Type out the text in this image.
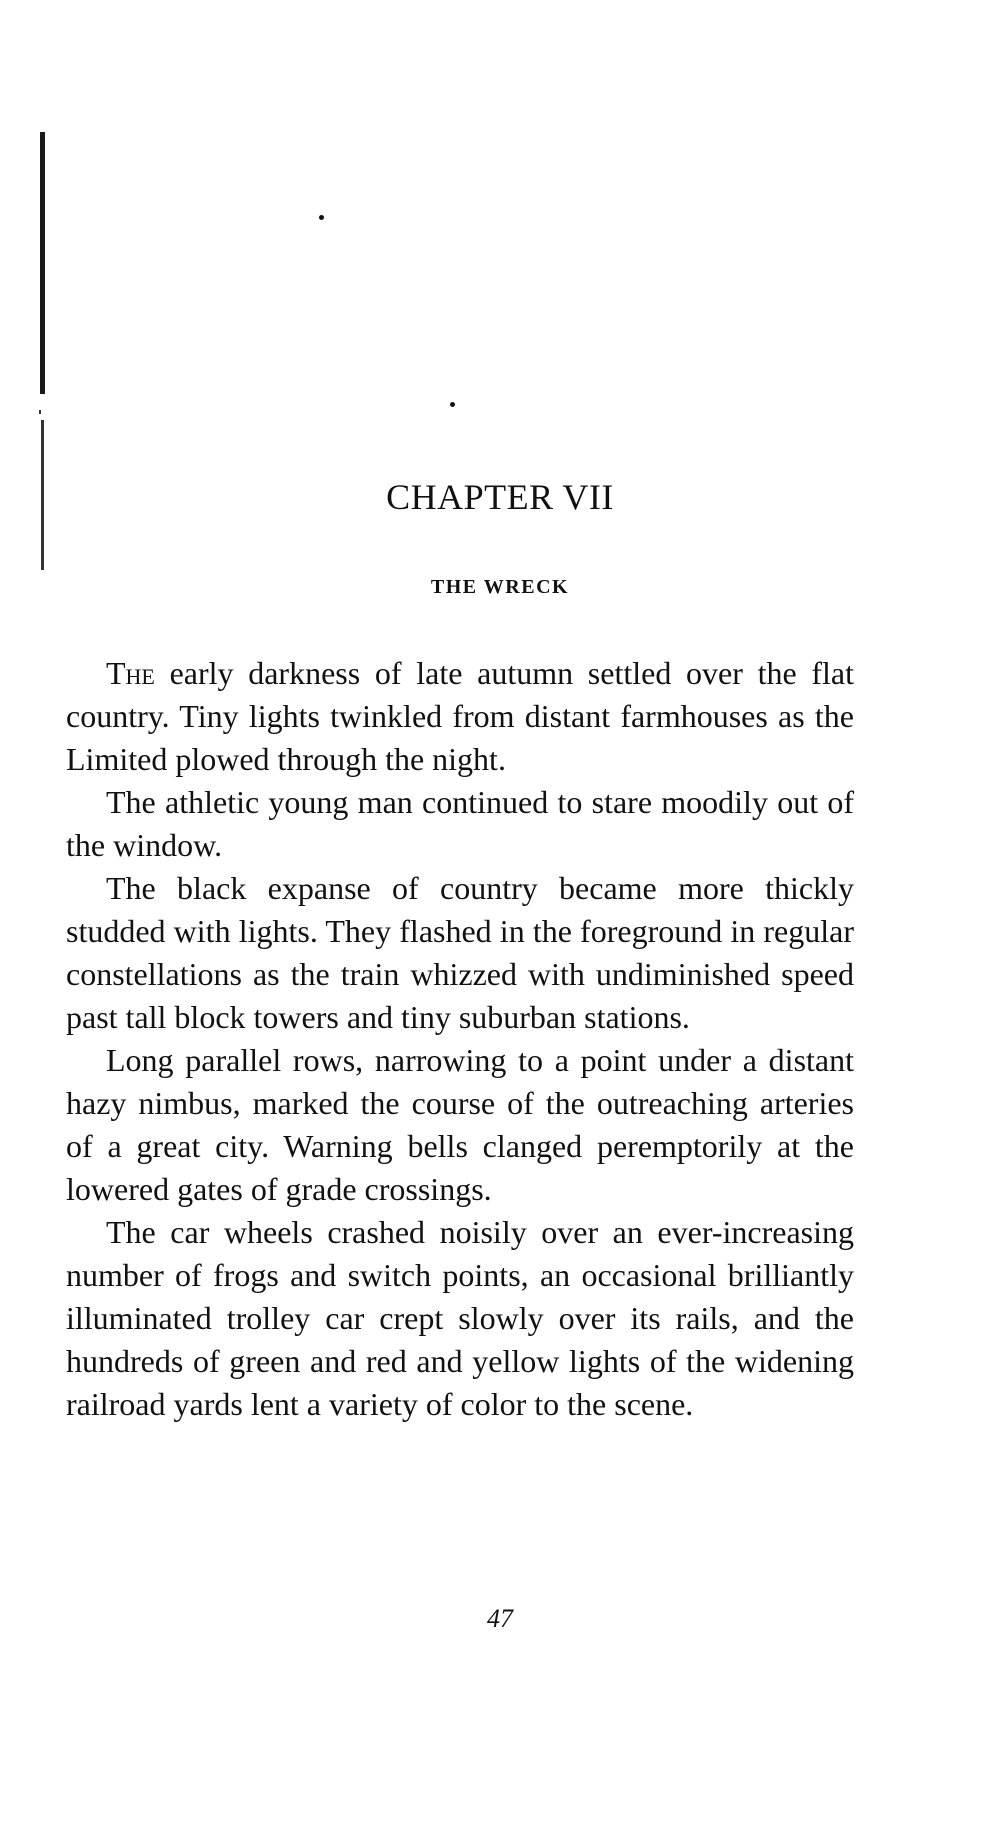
CHAPTER VII
THE WRECK

The early darkness of late autumn settled over the flat country. Tiny lights twinkled from distant farmhouses as the Limited plowed through the night.

The athletic young man continued to stare moodily out of the window.

The black expanse of country became more thickly studded with lights. They flashed in the foreground in regular constellations as the train whizzed with undiminished speed past tall block towers and tiny suburban stations.

Long parallel rows, narrowing to a point under a distant hazy nimbus, marked the course of the outreaching arteries of a great city. Warning bells clanged peremptorily at the lowered gates of grade crossings.

The car wheels crashed noisily over an ever-increasing number of frogs and switch points, an occasional brilliantly illuminated trolley car crept slowly over its rails, and the hundreds of green and red and yellow lights of the widening railroad yards lent a variety of color to the scene.

47
